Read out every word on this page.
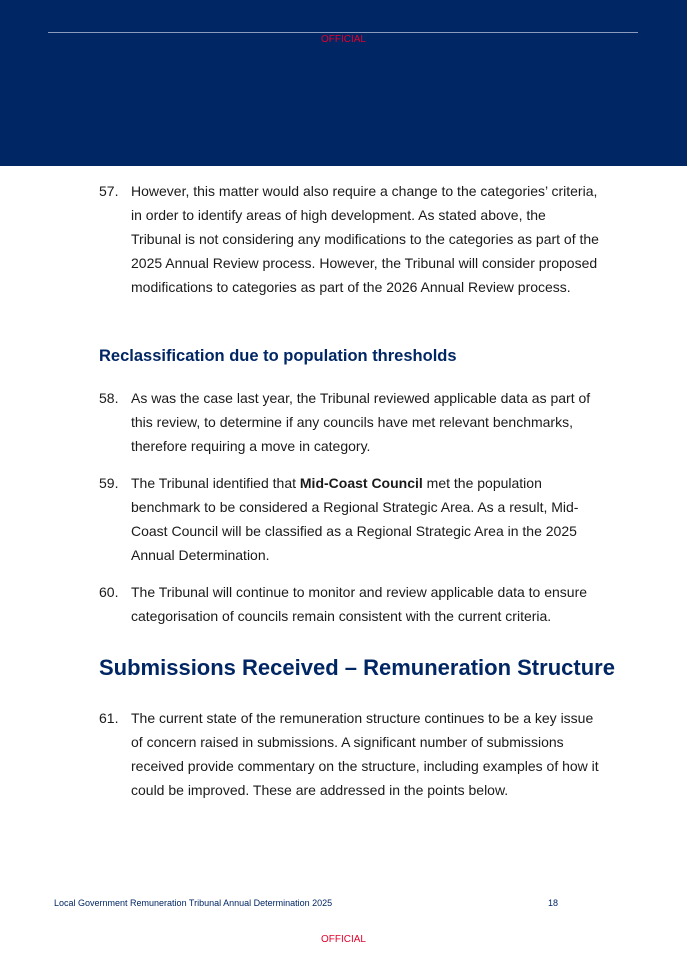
OFFICIAL
57. However, this matter would also require a change to the categories’ criteria, in order to identify areas of high development. As stated above, the Tribunal is not considering any modifications to the categories as part of the 2025 Annual Review process. However, the Tribunal will consider proposed modifications to categories as part of the 2026 Annual Review process.
Reclassification due to population thresholds
58. As was the case last year, the Tribunal reviewed applicable data as part of this review, to determine if any councils have met relevant benchmarks, therefore requiring a move in category.
59. The Tribunal identified that Mid-Coast Council met the population benchmark to be considered a Regional Strategic Area. As a result, Mid-Coast Council will be classified as a Regional Strategic Area in the 2025 Annual Determination.
60. The Tribunal will continue to monitor and review applicable data to ensure categorisation of councils remain consistent with the current criteria.
Submissions Received – Remuneration Structure
61. The current state of the remuneration structure continues to be a key issue of concern raised in submissions. A significant number of submissions received provide commentary on the structure, including examples of how it could be improved. These are addressed in the points below.
Local Government Remuneration Tribunal Annual Determination 2025	18
OFFICIAL
